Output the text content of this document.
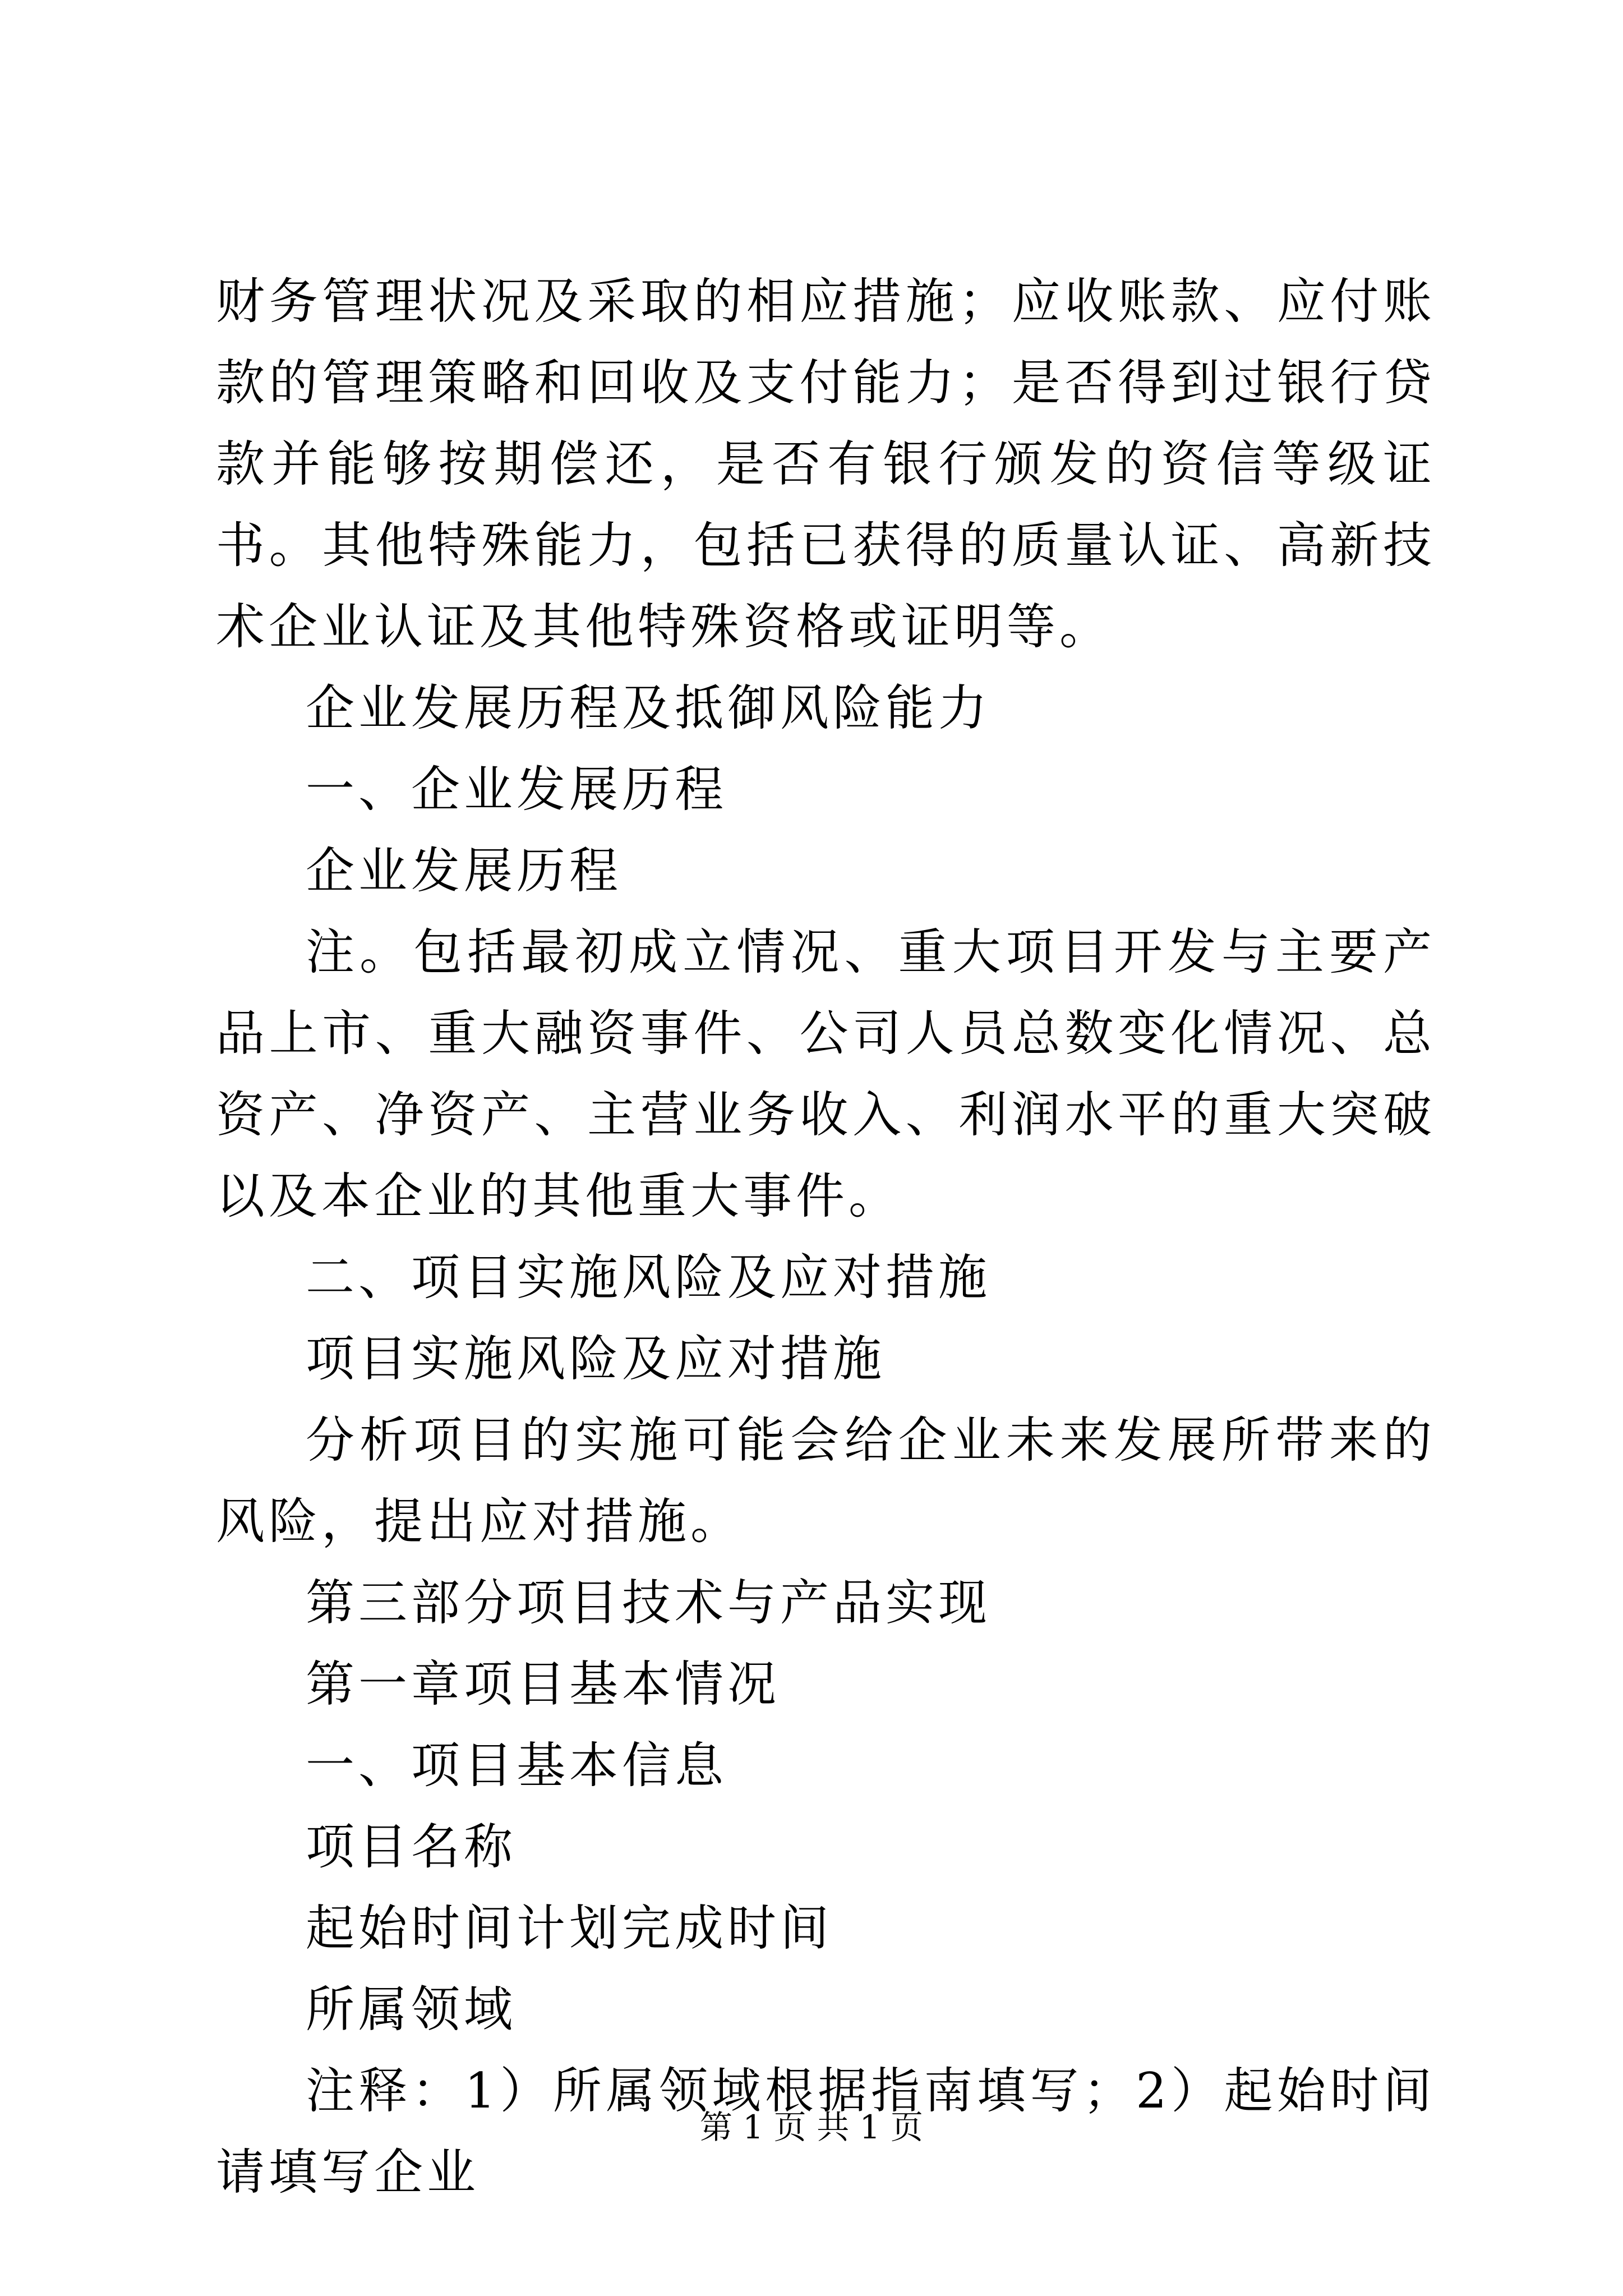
财务管理状况及采取的相应措施；应收账款、应付账款的管理策略和回收及支付能力；是否得到过银行贷款并能够按期偿还，是否有银行颁发的资信等级证书。其他特殊能力，包括已获得的质量认证、高新技术企业认证及其他特殊资格或证明等。

企业发展历程及抵御风险能力

一、企业发展历程

企业发展历程

注。包括最初成立情况、重大项目开发与主要产品上市、重大融资事件、公司人员总数变化情况、总资产、净资产、主营业务收入、利润水平的重大突破以及本企业的其他重大事件。

二、项目实施风险及应对措施

项目实施风险及应对措施

分析项目的实施可能会给企业未来发展所带来的风险，提出应对措施。

第三部分项目技术与产品实现

第一章项目基本情况

一、项目基本信息

项目名称

起始时间计划完成时间

所属领域

注释：1）所属领域根据指南填写；2）起始时间请填写企业

第 1 页 共 1 页
